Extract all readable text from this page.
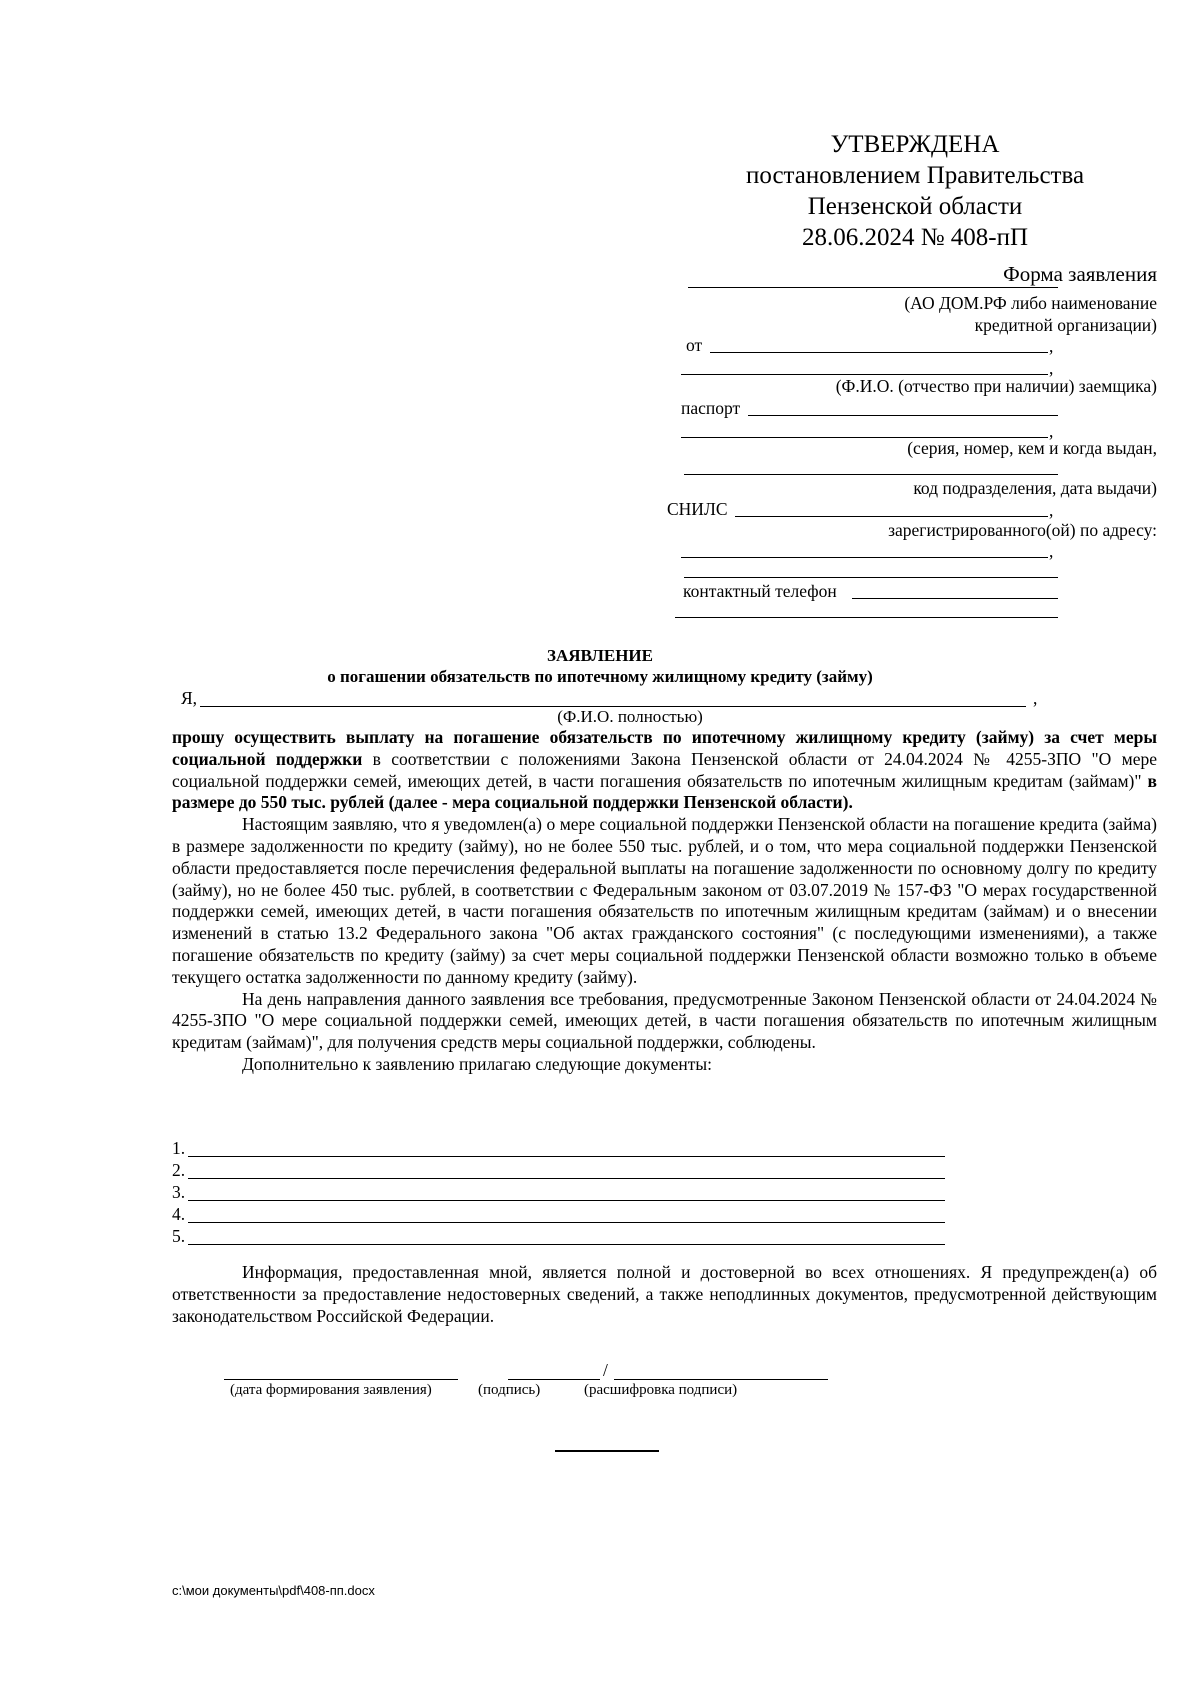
УТВЕРЖДЕНА
постановлением Правительства
Пензенской области
28.06.2024 № 408-пП
Форма заявления
(АО ДОМ.РФ либо наименование
кредитной организации)
от	,
,
(Ф.И.О. (отчество при наличии) заемщика)
паспорт
,
(серия, номер, кем и когда выдан,
код подразделения, дата выдачи)
СНИЛС	,
зарегистрированного(ой) по адресу:
,
контактный телефон
ЗАЯВЛЕНИЕ
о погашении обязательств по ипотечному жилищному кредиту (займу)
Я,	,
(Ф.И.О. полностью)

прошу осуществить выплату на погашение обязательств по ипотечному жилищному кредиту (займу) за счет меры социальной поддержки в соответствии с положениями Закона Пензенской области от 24.04.2024 № 4255-ЗПО "О мере социальной поддержки семей, имеющих детей, в части погашения обязательств по ипотечным жилищным кредитам (займам)" в размере до 550 тыс. рублей (далее - мера социальной поддержки Пензенской области).

Настоящим заявляю, что я уведомлен(а) о мере социальной поддержки Пензенской области на погашение кредита (займа) в размере задолженности по кредиту (займу), но не более 550 тыс. рублей, и о том, что мера социальной поддержки Пензенской области предоставляется после перечисления федеральной выплаты на погашение задолженности по основному долгу по кредиту (займу), но не более 450 тыс. рублей, в соответствии с Федеральным законом от 03.07.2019 № 157-ФЗ "О мерах государственной поддержки семей, имеющих детей, в части погашения обязательств по ипотечным жилищным кредитам (займам) и о внесении изменений в статью 13.2 Федерального закона "Об актах гражданского состояния" (с последующими изменениями), а также погашение обязательств по кредиту (займу) за счет меры социальной поддержки Пензенской области возможно только в объеме текущего остатка задолженности по данному кредиту (займу).

На день направления данного заявления все требования, предусмотренные Законом Пензенской области от 24.04.2024 № 4255-ЗПО "О мере социальной поддержки семей, имеющих детей, в части погашения обязательств по ипотечным жилищным кредитам (займам)", для получения средств меры социальной поддержки, соблюдены.

Дополнительно к заявлению прилагаю следующие документы:

1.
2.
3.
4.
5.

Информация, предоставленная мной, является полной и достоверной во всех отношениях. Я предупрежден(а) об ответственности за предоставление недостоверных сведений, а также неподлинных документов, предусмотренной действующим законодательством Российской Федерации.

/
(дата формирования заявления)	(подпись)	(расшифровка подписи)
c:\мои документы\pdf\408-пп.docx
